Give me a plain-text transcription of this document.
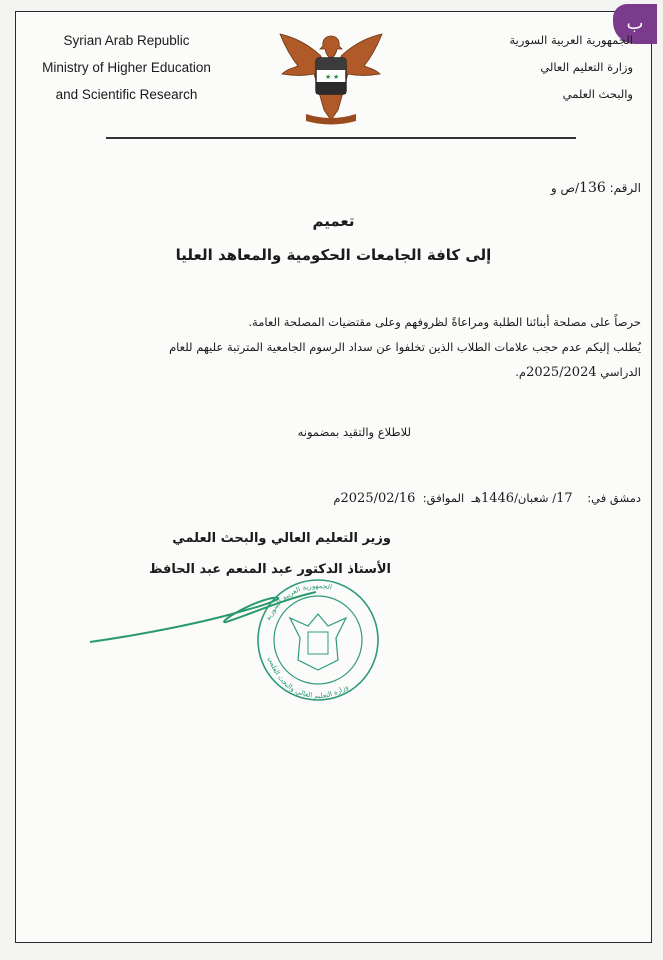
ب
Syrian Arab Republic
Ministry of Higher Education
and Scientific Research
★ ★
الجمهورية العربية السورية
وزارة التعليم العالي
والبحث العلمي
الرقم: 136/ص و
تعميم
إلى كافة الجامعات الحكومية والمعاهد العليا
حرصاً على مصلحة أبنائنا الطلبة ومراعاةً لظروفهم وعلى مقتضيات المصلحة العامة.
يُطلب إليكم عدم حجب علامات الطلاب الذين تخلفوا عن سداد الرسوم الجامعية المترتبة عليهم للعام
الدراسي 2025/2024م.
للاطلاع والتقيد بمضمونه
دمشق في:    17/ شعبان/1446هـ  الموافق:  2025/02/16م
وزير التعليم العالي والبحث العلمي
الأستاذ الدكتور عبد المنعم عبد الحافظ
الجمهورية العربية السورية
وزارة التعليم العالي والبحث العلمي
